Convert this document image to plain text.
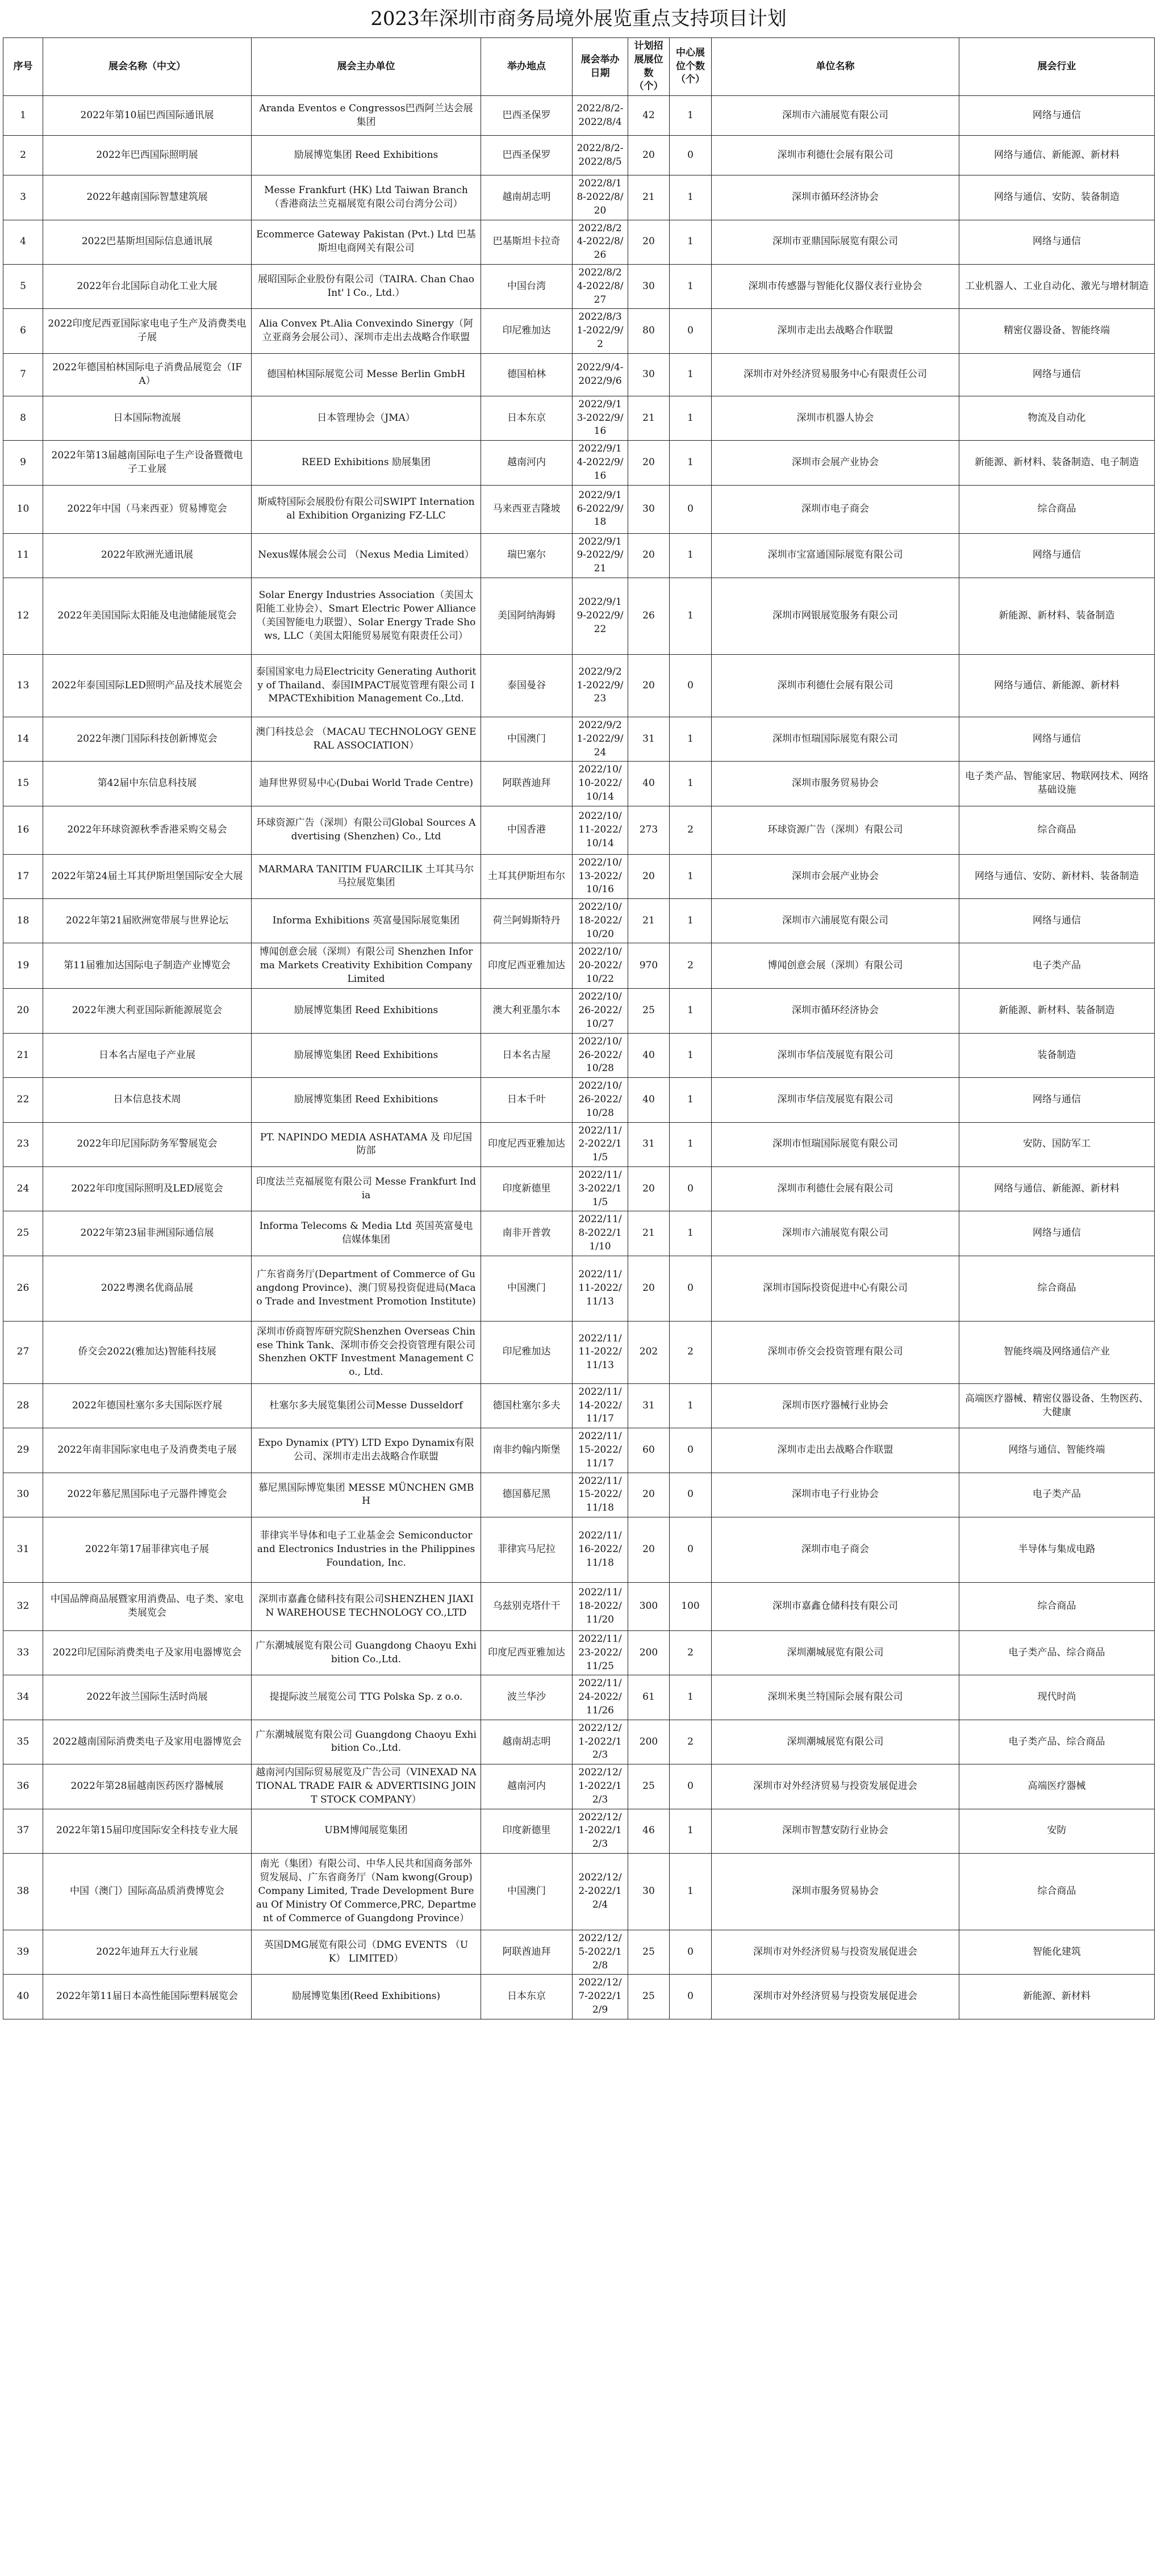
2023年深圳市商务局境外展览重点支持项目计划
序号	展会名称（中文）	展会主办单位	举办地点	展会举办日期	计划招展展位数（个）	中心展位个数（个）	单位名称	展会行业
1	2022年第10届巴西国际通讯展	Aranda Eventos e Congressos巴西阿兰达会展集团	巴西圣保罗	2022/8/2-2022/8/4	42	1	深圳市六浦展览有限公司	网络与通信
2	2022年巴西国际照明展	励展博览集团 Reed Exhibitions	巴西圣保罗	2022/8/2-2022/8/5	20	0	深圳市利德仕会展有限公司	网络与通信、新能源、新材料
3	2022年越南国际智慧建筑展	Messe Frankfurt (HK) Ltd Taiwan Branch（香港商法兰克福展览有限公司台湾分公司）	越南胡志明	2022/8/18-2022/8/20	21	1	深圳市循环经济协会	网络与通信、安防、装备制造
4	2022巴基斯坦国际信息通讯展	Ecommerce Gateway Pakistan (Pvt.) Ltd 巴基斯坦电商网关有限公司	巴基斯坦卡拉奇	2022/8/24-2022/8/26	20	1	深圳市亚鼎国际展览有限公司	网络与通信
5	2022年台北国际自动化工业大展	展昭国际企业股份有限公司（TAIRA. Chan Chao Int' l Co., Ltd.）	中国台湾	2022/8/24-2022/8/27	30	1	深圳市传感器与智能化仪器仪表行业协会	工业机器人、工业自动化、激光与增材制造
6	2022印度尼西亚国际家电电子生产及消费类电子展	Alia Convex Pt.Alia Convexindo Sinergy（阿立亚商务会展公司）、深圳市走出去战略合作联盟	印尼雅加达	2022/8/31-2022/9/2	80	0	深圳市走出去战略合作联盟	精密仪器设备、智能终端
7	2022年德国柏林国际电子消费品展览会（IFA）	德国柏林国际展览公司 Messe Berlin GmbH	德国柏林	2022/9/4-2022/9/6	30	1	深圳市对外经济贸易服务中心有限责任公司	网络与通信
8	日本国际物流展	日本管理协会（JMA）	日本东京	2022/9/13-2022/9/16	21	1	深圳市机器人协会	物流及自动化
9	2022年第13届越南国际电子生产设备暨微电子工业展	REED Exhibitions 励展集团	越南河内	2022/9/14-2022/9/16	20	1	深圳市会展产业协会	新能源、新材料、装备制造、电子制造
10	2022年中国（马来西亚）贸易博览会	斯威特国际会展股份有限公司SWIPT International Exhibition Organizing FZ-LLC	马来西亚吉隆坡	2022/9/16-2022/9/18	30	0	深圳市电子商会	综合商品
11	2022年欧洲光通讯展	Nexus媒体展会公司 （Nexus Media Limited）	瑞巴塞尔	2022/9/19-2022/9/21	20	1	深圳市宝富通国际展览有限公司	网络与通信
12	2022年美国国际太阳能及电池储能展览会	Solar Energy Industries Association（美国太阳能工业协会）、Smart Electric Power Alliance（美国智能电力联盟）、Solar Energy Trade Shows, LLC（美国太阳能贸易展览有限责任公司）	美国阿纳海姆	2022/9/19-2022/9/22	26	1	深圳市网银展览服务有限公司	新能源、新材料、装备制造
13	2022年泰国国际LED照明产品及技术展览会	泰国国家电力局Electricity Generating Authority of Thailand、泰国IMPACT展览管理有限公司 IMPACTExhibition Management Co.,Ltd.	泰国曼谷	2022/9/21-2022/9/23	20	0	深圳市利德仕会展有限公司	网络与通信、新能源、新材料
14	2022年澳门国际科技创新博览会	澳门科技总会 （MACAU TECHNOLOGY GENERAL ASSOCIATION）	中国澳门	2022/9/21-2022/9/24	31	1	深圳市恒瑞国际展览有限公司	网络与通信
15	第42届中东信息科技展	迪拜世界贸易中心(Dubai World Trade Centre)	阿联酋迪拜	2022/10/10-2022/10/14	40	1	深圳市服务贸易协会	电子类产品、智能家居、物联网技术、网络基础设施
16	2022年环球资源秋季香港采购交易会	环球资源广告（深圳）有限公司Global Sources Advertising (Shenzhen) Co., Ltd	中国香港	2022/10/11-2022/10/14	273	2	环球资源广告（深圳）有限公司	综合商品
17	2022年第24届土耳其伊斯坦堡国际安全大展	MARMARA TANITIM FUARCILIK 土耳其马尔马拉展览集团	土耳其伊斯坦布尔	2022/10/13-2022/10/16	20	1	深圳市会展产业协会	网络与通信、安防、新材料、装备制造
18	2022年第21届欧洲宽带展与世界论坛	Informa Exhibitions 英富曼国际展览集团	荷兰阿姆斯特丹	2022/10/18-2022/10/20	21	1	深圳市六浦展览有限公司	网络与通信
19	第11届雅加达国际电子制造产业博览会	博闻创意会展（深圳）有限公司 Shenzhen Informa Markets Creativity Exhibition Company Limited	印度尼西亚雅加达	2022/10/20-2022/10/22	970	2	博闻创意会展（深圳）有限公司	电子类产品
20	2022年澳大利亚国际新能源展览会	励展博览集团 Reed Exhibitions	澳大利亚墨尔本	2022/10/26-2022/10/27	25	1	深圳市循环经济协会	新能源、新材料、装备制造
21	日本名古屋电子产业展	励展博览集团 Reed Exhibitions	日本名古屋	2022/10/26-2022/10/28	40	1	深圳市华信茂展览有限公司	装备制造
22	日本信息技术周	励展博览集团 Reed Exhibitions	日本千叶	2022/10/26-2022/10/28	40	1	深圳市华信茂展览有限公司	网络与通信
23	2022年印尼国际防务军警展览会	PT. NAPINDO MEDIA ASHATAMA 及 印尼国防部	印度尼西亚雅加达	2022/11/2-2022/11/5	31	1	深圳市恒瑞国际展览有限公司	安防、国防军工
24	2022年印度国际照明及LED展览会	印度法兰克福展览有限公司 Messe Frankfurt India	印度新德里	2022/11/3-2022/11/5	20	0	深圳市利德仕会展有限公司	网络与通信、新能源、新材料
25	2022年第23届非洲国际通信展	Informa Telecoms & Media Ltd 英国英富曼电信媒体集团	南非开普敦	2022/11/8-2022/11/10	21	1	深圳市六浦展览有限公司	网络与通信
26	2022粤澳名优商品展	广东省商务厅(Department of Commerce of Guangdong Province)、澳门贸易投资促进局(Macao Trade and Investment Promotion Institute)	中国澳门	2022/11/11-2022/11/13	20	0	深圳市国际投资促进中心有限公司	综合商品
27	侨交会2022(雅加达)智能科技展	深圳市侨商智库研究院Shenzhen Overseas Chinese Think Tank、深圳市侨交会投资管理有限公司Shenzhen OKTF Investment Management Co., Ltd.	印尼雅加达	2022/11/11-2022/11/13	202	2	深圳市侨交会投资管理有限公司	智能终端及网络通信产业
28	2022年德国杜塞尔多夫国际医疗展	杜塞尔多夫展览集团公司Messe Dusseldorf	德国杜塞尔多夫	2022/11/14-2022/11/17	31	1	深圳市医疗器械行业协会	高端医疗器械、精密仪器设备、生物医药、大健康
29	2022年南非国际家电电子及消费类电子展	Expo Dynamix (PTY) LTD Expo Dynamix有限公司、深圳市走出去战略合作联盟	南非约翰内斯堡	2022/11/15-2022/11/17	60	0	深圳市走出去战略合作联盟	网络与通信、智能终端
30	2022年慕尼黑国际电子元器件博览会	慕尼黑国际博览集团 MESSE MÜNCHEN GMBH	德国慕尼黑	2022/11/15-2022/11/18	20	0	深圳市电子行业协会	电子类产品
31	2022年第17届菲律宾电子展	菲律宾半导体和电子工业基金会 Semiconductor and Electronics Industries in the Philippines Foundation, Inc.	菲律宾马尼拉	2022/11/16-2022/11/18	20	0	深圳市电子商会	半导体与集成电路
32	中国品牌商品展暨家用消费品、电子类、家电类展览会	深圳市嘉鑫仓储科技有限公司SHENZHEN JIAXIN WAREHOUSE TECHNOLOGY CO.,LTD	乌兹别克塔什干	2022/11/18-2022/11/20	300	100	深圳市嘉鑫仓储科技有限公司	综合商品
33	2022印尼国际消费类电子及家用电器博览会	广东潮城展览有限公司 Guangdong Chaoyu Exhibition Co.,Ltd.	印度尼西亚雅加达	2022/11/23-2022/11/25	200	2	深圳潮城展览有限公司	电子类产品、综合商品
34	2022年波兰国际生活时尚展	提提际波兰展览公司 TTG Polska Sp. z o.o.	波兰华沙	2022/11/24-2022/11/26	61	1	深圳米奥兰特国际会展有限公司	现代时尚
35	2022越南国际消费类电子及家用电器博览会	广东潮城展览有限公司 Guangdong Chaoyu Exhibition Co.,Ltd.	越南胡志明	2022/12/1-2022/12/3	200	2	深圳潮城展览有限公司	电子类产品、综合商品
36	2022年第28届越南医药医疗器械展	越南河内国际贸易展览及广告公司（VINEXAD NATIONAL TRADE FAIR & ADVERTISING JOINT STOCK COMPANY）	越南河内	2022/12/1-2022/12/3	25	0	深圳市对外经济贸易与投资发展促进会	高端医疗器械
37	2022年第15届印度国际安全科技专业大展	UBM博闻展览集团	印度新德里	2022/12/1-2022/12/3	46	1	深圳市智慧安防行业协会	安防
38	中国（澳门）国际高品质消费博览会	南光（集团）有限公司、中华人民共和国商务部外贸发展局、广东省商务厅（Nam kwong(Group) Company Limited, Trade Development Bureau Of Ministry Of Commerce,PRC, Department of Commerce of Guangdong Province）	中国澳门	2022/12/2-2022/12/4	30	1	深圳市服务贸易协会	综合商品
39	2022年迪拜五大行业展	英国DMG展览有限公司（DMG EVENTS （UK） LIMITED）	阿联酋迪拜	2022/12/5-2022/12/8	25	0	深圳市对外经济贸易与投资发展促进会	智能化建筑
40	2022年第11届日本高性能国际塑料展览会	励展博览集团(Reed Exhibitions)	日本东京	2022/12/7-2022/12/9	25	0	深圳市对外经济贸易与投资发展促进会	新能源、新材料
